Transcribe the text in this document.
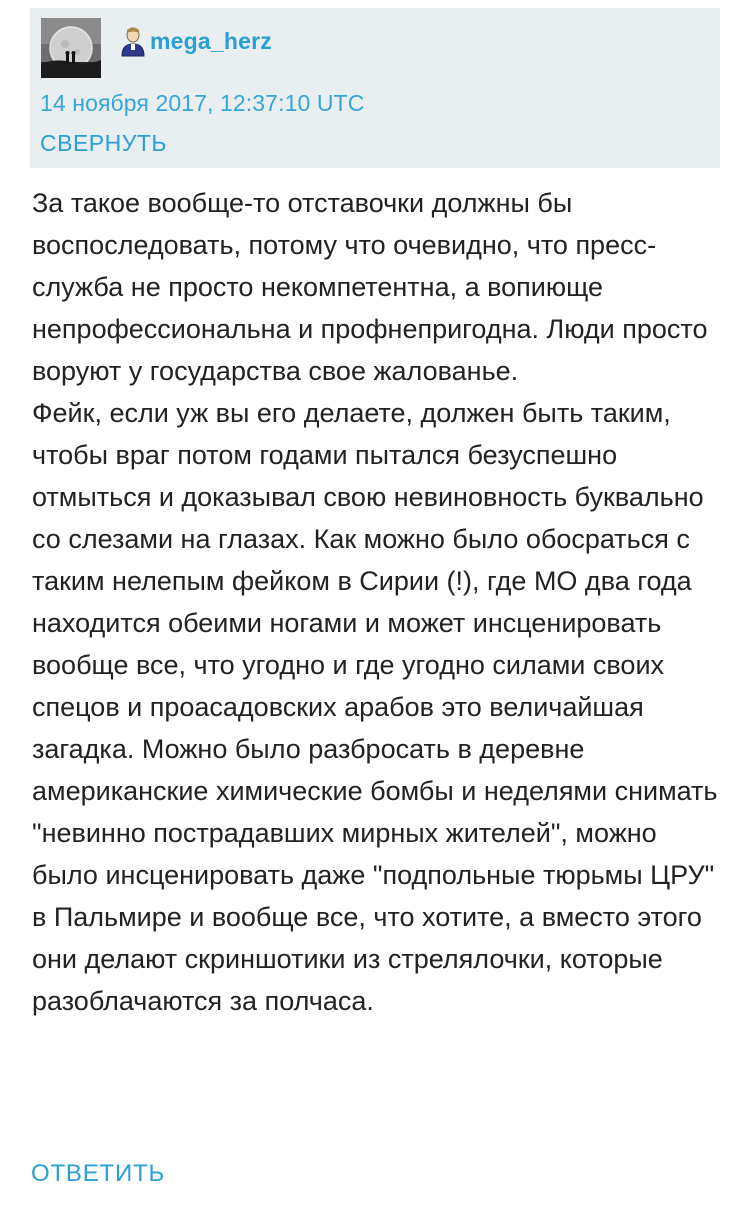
mega_herz
14 ноября 2017, 12:37:10 UTC
СВЕРНУТЬ

За такое вообще-то отставочки должны бы воспоследовать, потому что очевидно, что пресс-служба не просто некомпетентна, а вопиюще непрофессиональна и профнепригодна. Люди просто воруют у государства свое жалованье.

Фейк, если уж вы его делаете, должен быть таким, чтобы враг потом годами пытался безуспешно отмыться и доказывал свою невиновность буквально со слезами на глазах. Как можно было обосраться с таким нелепым фейком в Сирии (!), где МО два года находится обеими ногами и может инсценировать вообще все, что угодно и где угодно силами своих спецов и проасадовских арабов это величайшая загадка. Можно было разбросать в деревне американские химические бомбы и неделями снимать "невинно пострадавших мирных жителей", можно было инсценировать даже "подпольные тюрьмы ЦРУ" в Пальмире и вообще все, что хотите, а вместо этого они делают скриншотики из стрелялочки, которые разоблачаются за полчаса.

ОТВЕТИТЬ
